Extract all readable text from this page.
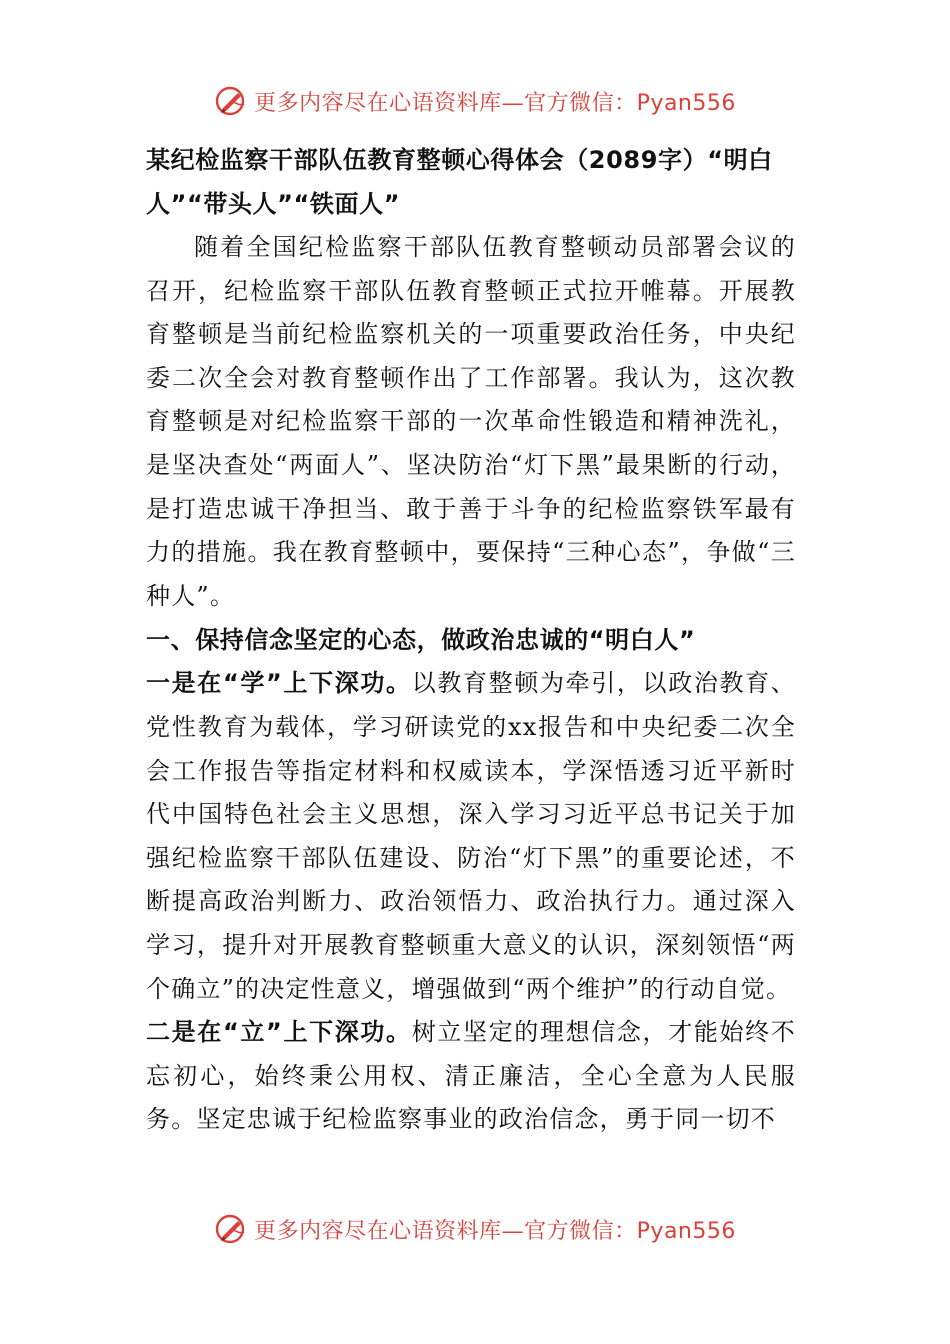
更多内容尽在心语资料库—官方微信：Pyan556

某纪检监察干部队伍教育整顿心得体会（2089字）“明白人”“带头人”“铁面人”

随着全国纪检监察干部队伍教育整顿动员部署会议的召开，纪检监察干部队伍教育整顿正式拉开帷幕。开展教育整顿是当前纪检监察机关的一项重要政治任务，中央纪委二次全会对教育整顿作出了工作部署。我认为，这次教育整顿是对纪检监察干部的一次革命性锻造和精神洗礼，是坚决查处“两面人”、坚决防治“灯下黑”最果断的行动，是打造忠诚干净担当、敢于善于斗争的纪检监察铁军最有力的措施。我在教育整顿中，要保持“三种心态”，争做“三种人”。

一、保持信念坚定的心态，做政治忠诚的“明白人”

一是在“学”上下深功。以教育整顿为牵引，以政治教育、党性教育为载体，学习研读党的xx报告和中央纪委二次全会工作报告等指定材料和权威读本，学深悟透习近平新时代中国特色社会主义思想，深入学习习近平总书记关于加强纪检监察干部队伍建设、防治“灯下黑”的重要论述，不断提高政治判断力、政治领悟力、政治执行力。通过深入学习，提升对开展教育整顿重大意义的认识，深刻领悟“两个确立”的决定性意义，增强做到“两个维护”的行动自觉。

二是在“立”上下深功。树立坚定的理想信念，才能始终不忘初心，始终秉公用权、清正廉洁，全心全意为人民服务。坚定忠诚于纪检监察事业的政治信念，勇于同一切不

更多内容尽在心语资料库—官方微信：Pyan556
